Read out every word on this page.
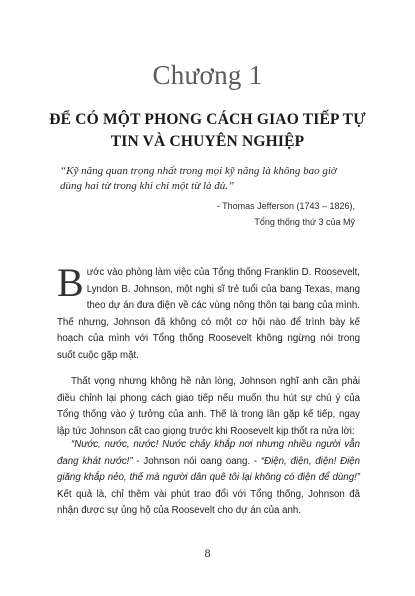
Chương 1
ĐỂ CÓ MỘT PHONG CÁCH GIAO TIẾP TỰ TIN VÀ CHUYÊN NGHIỆP
“Kỹ năng quan trọng nhất trong mọi kỹ năng là không bao giờ dùng hai từ trong khi chỉ một từ là đủ.”
- Thomas Jefferson (1743 – 1826),
Tổng thống thứ 3 của Mỹ
Bước vào phòng làm việc của Tổng thống Franklin D. Roosevelt, Lyndon B. Johnson, một nghị sĩ trẻ tuổi của bang Texas, mang theo dự án đưa điện về các vùng nông thôn tại bang của mình. Thế nhưng, Johnson đã không có một cơ hội nào để trình bày kế hoạch của mình với Tổng thống Roosevelt không ngừng nói trong suốt cuộc gặp mặt.
Thất vọng nhưng không hề nản lòng, Johnson nghĩ anh cần phải điều chỉnh lại phong cách giao tiếp nếu muốn thu hút sự chú ý của Tổng thống vào ý tưởng của anh. Thế là trong lần gặp kế tiếp, ngay lập tức Johnson cất cao giọng trước khi Roosevelt kịp thốt ra nửa lời:
“Nước, nước, nước! Nước chảy khắp nơi nhưng nhiều người vẫn đang khát nước!” - Johnson nói oang oang. - “Điện, điện, điện! Điện giăng khắp nẻo, thế mà người dân quê tôi lại không có điện để dùng!” Kết quả là, chỉ thêm vài phút trao đổi với Tổng thống, Johnson đã nhận được sự ủng hộ của Roosevelt cho dự án của anh.
8
